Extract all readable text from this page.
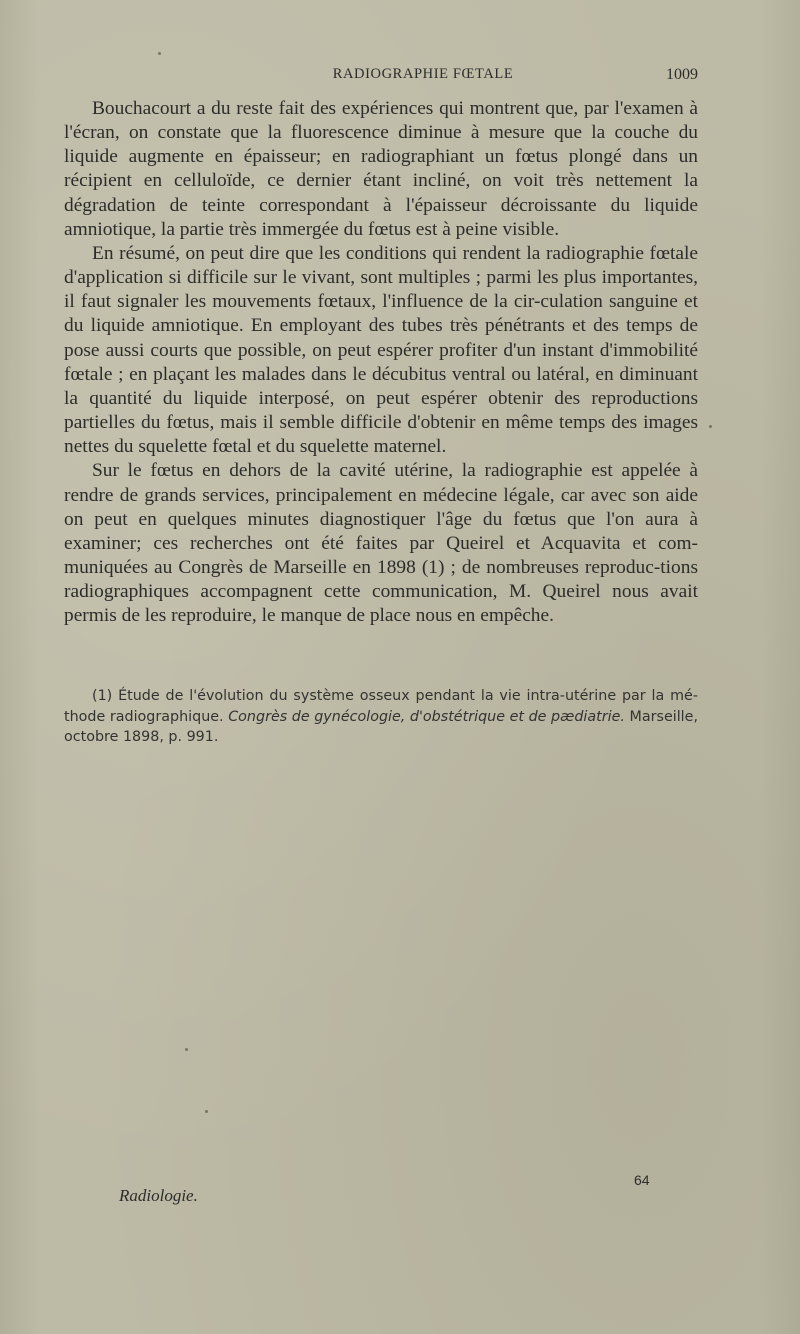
RADIOGRAPHIE FŒTALE	1009

Bouchacourt a du reste fait des expériences qui montrent que, par l'examen à l'écran, on constate que la fluorescence diminue à mesure que la couche du liquide augmente en épaisseur; en radiographiant un fœtus plongé dans un récipient en celluloïde, ce dernier étant incliné, on voit très nettement la dégradation de teinte correspondant à l'épaisseur décroissante du liquide amniotique, la partie très immergée du fœtus est à peine visible.

En résumé, on peut dire que les conditions qui rendent la radiographie fœtale d'application si difficile sur le vivant, sont multiples ; parmi les plus importantes, il faut signaler les mouvements fœtaux, l'influence de la cir-culation sanguine et du liquide amniotique. En employant des tubes très pénétrants et des temps de pose aussi courts que possible, on peut espérer profiter d'un instant d'immobilité fœtale ; en plaçant les malades dans le décubitus ventral ou latéral, en diminuant la quantité du liquide interposé, on peut espérer obtenir des reproductions partielles du fœtus, mais il semble difficile d'obtenir en même temps des images nettes du squelette fœtal et du squelette maternel.

Sur le fœtus en dehors de la cavité utérine, la radiographie est appelée à rendre de grands services, principalement en médecine légale, car avec son aide on peut en quelques minutes diagnostiquer l'âge du fœtus que l'on aura à examiner; ces recherches ont été faites par Queirel et Acquavita et com-muniquées au Congrès de Marseille en 1898 (1) ; de nombreuses reproduc-tions radiographiques accompagnent cette communication, M. Queirel nous avait permis de les reproduire, le manque de place nous en empêche.

(1) Étude de l'évolution du système osseux pendant la vie intra-utérine par la mé-thode radiographique. Congrès de gynécologie, d'obstétrique et de pædiatrie. Marseille, octobre 1898, p. 991.
64
Radiologie.
